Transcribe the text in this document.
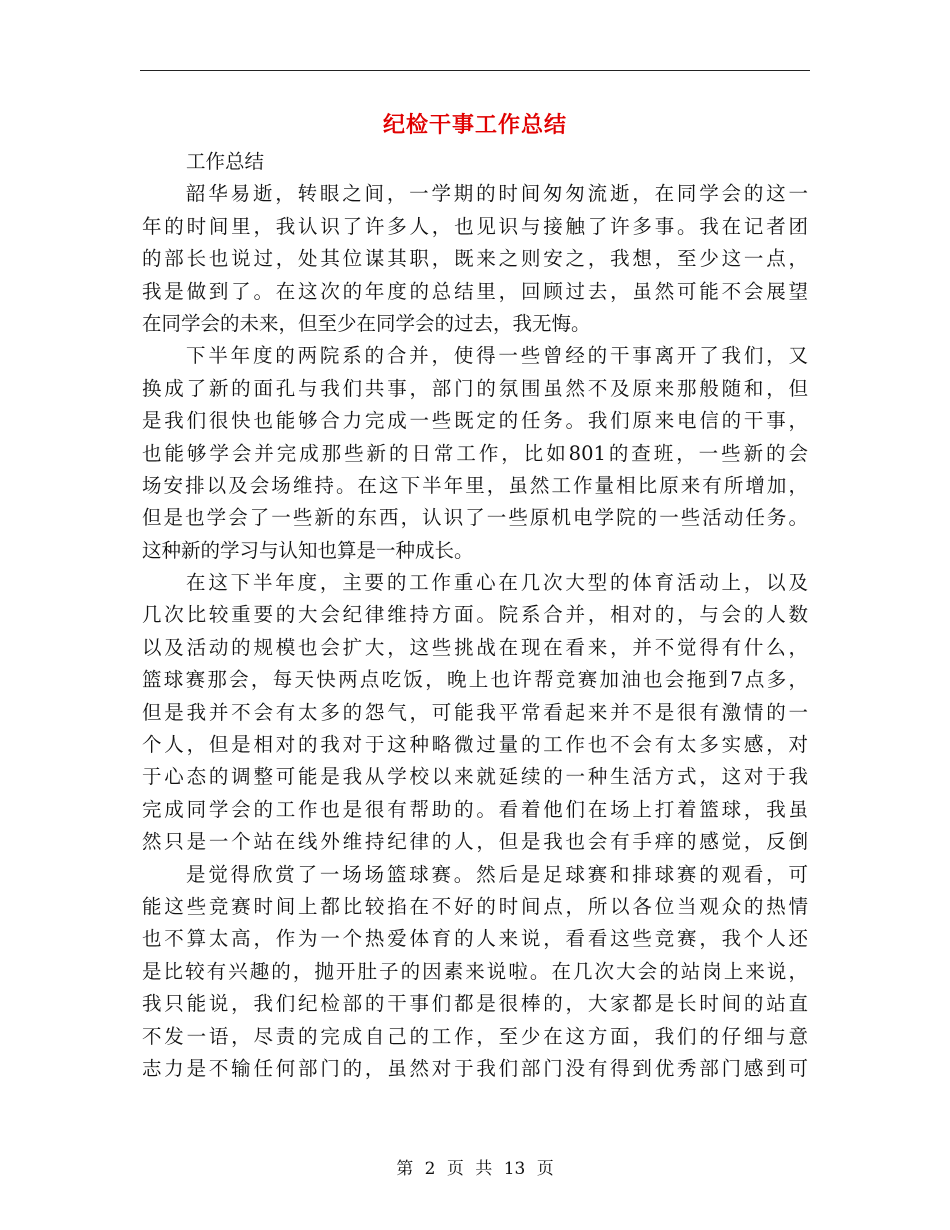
纪检干事工作总结
工作总结
韶华易逝，转眼之间，一学期的时间匆匆流逝，在同学会的这一
年的时间里，我认识了许多人，也见识与接触了许多事。我在记者团
的部长也说过，处其位谋其职，既来之则安之，我想，至少这一点，
我是做到了。在这次的年度的总结里，回顾过去，虽然可能不会展望
在同学会的未来，但至少在同学会的过去，我无悔。
下半年度的两院系的合并，使得一些曾经的干事离开了我们，又
换成了新的面孔与我们共事，部门的氛围虽然不及原来那般随和，但
是我们很快也能够合力完成一些既定的任务。我们原来电信的干事，
也能够学会并完成那些新的日常工作，比如801的查班，一些新的会
场安排以及会场维持。在这下半年里，虽然工作量相比原来有所增加，
但是也学会了一些新的东西，认识了一些原机电学院的一些活动任务。
这种新的学习与认知也算是一种成长。
在这下半年度，主要的工作重心在几次大型的体育活动上，以及
几次比较重要的大会纪律维持方面。院系合并，相对的，与会的人数
以及活动的规模也会扩大，这些挑战在现在看来，并不觉得有什么，
篮球赛那会，每天快两点吃饭，晚上也许帮竞赛加油也会拖到7点多，
但是我并不会有太多的怨气，可能我平常看起来并不是很有激情的一
个人，但是相对的我对于这种略微过量的工作也不会有太多实感，对
于心态的调整可能是我从学校以来就延续的一种生活方式，这对于我
完成同学会的工作也是很有帮助的。看着他们在场上打着篮球，我虽
然只是一个站在线外维持纪律的人，但是我也会有手痒的感觉，反倒
是觉得欣赏了一场场篮球赛。然后是足球赛和排球赛的观看，可
能这些竞赛时间上都比较掐在不好的时间点，所以各位当观众的热情
也不算太高，作为一个热爱体育的人来说，看看这些竞赛，我个人还
是比较有兴趣的，抛开肚子的因素来说啦。在几次大会的站岗上来说，
我只能说，我们纪检部的干事们都是很棒的，大家都是长时间的站直
不发一语，尽责的完成自己的工作，至少在这方面，我们的仔细与意
志力是不输任何部门的，虽然对于我们部门没有得到优秀部门感到可
第 2 页 共 13 页
